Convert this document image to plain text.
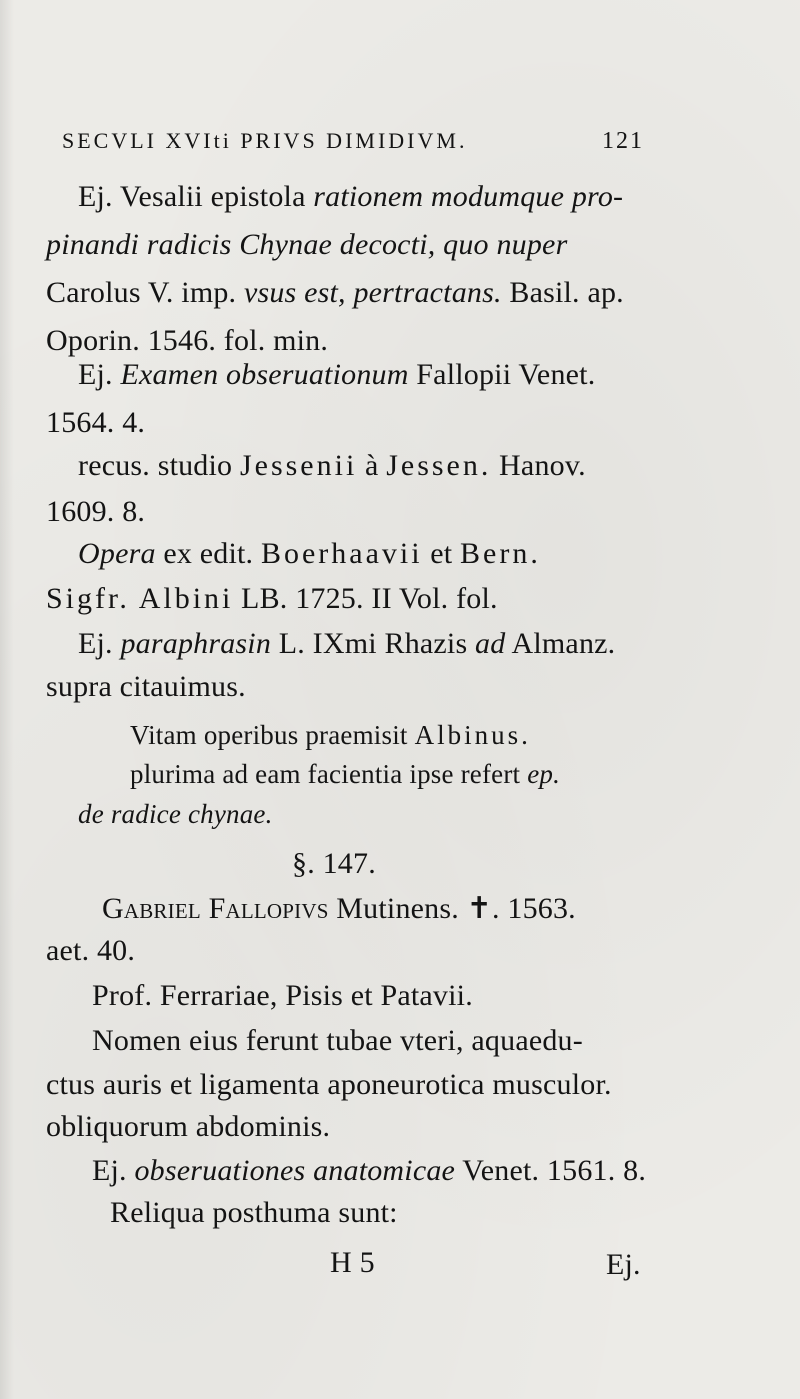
SECVLI XVIti PRIVS DIMIDIVM.	121
Ej. Vesalii epistola rationem modumque pro-
pinandi radicis Chynae decocti, quo nuper
Carolus V. imp. vsus est, pertractans. Basil. ap.
Oporin. 1546. fol. min.
Ej. Examen obseruationum Fallopii Venet.
1564. 4.
recus. studio Jessenii à Jessen. Hanov.
1609. 8.
Opera ex edit. Boerhaavii et Bern.
Sigfr. Albini LB. 1725. II Vol. fol.
Ej. paraphrasin L. IXmi Rhazis ad Almanz.
supra citauimus.
Vitam operibus praemisit Albinus.
plurima ad eam facientia ipse refert ep.
de radice chynae.
§. 147.
Gabriel Fallopivs Mutinens. ✝. 1563.
aet. 40.
Prof. Ferrariae, Pisis et Patavii.
Nomen eius ferunt tubae vteri, aquaedu-
ctus auris et ligamenta aponeurotica musculor.
obliquorum abdominis.
Ej. obseruationes anatomicae Venet. 1561. 8.
Reliqua posthuma sunt:
H 5	Ej.
